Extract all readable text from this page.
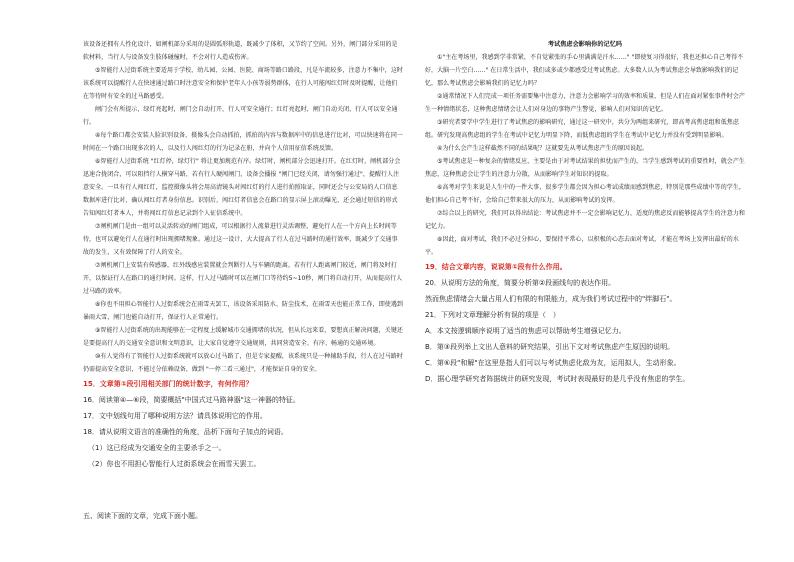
该设备还拥有人性化设计，如闸机部分采用的是圆弧形轨道，既减少了体积，又节约了空间。另外，闸门部分采用的是软材料，当行人与设备发生肢体碰撞时，不会对行人造成伤害。

⑤智能行人过街系统主要适用于学校、幼儿园、公园、医院、商场等路口路段，凡是车流较多，注意力不集中，这时该系统可以提醒行人在快速通过路口时注意安全和保护老年人小孩等弱势群体，在行人可能闯红灯时及时提醒，让他们在等待时有安全的过马路感受。

闸门会有所提示，绿灯亮起时，闸门会自动打开，行人可安全通行；红灯亮起时，闸门自动关闭，行人可以安全通行。

④每个路口都会安装人脸识别设备，摄像头会自动抓拍，抓拍的内容与数据库中的信息进行比对，可以快速将在同一时间在一个路口出现多次的人，以及行人闯红灯的行为记录在册，并向个人信用征信系统反馈。

⑥智能行人过街系统 "红灯停，绿灯行" 将让更加规范有序。绿灯时，闸机部分会迅速打开。在红灯时，闸机部分会迅速合拢闭合，可以阻挡行人横穿马路，若有行人硬闯闸门，设备会播报 "闸门已经关闭，请勿强行通过"，提醒行人注意安全。一旦有行人闯红灯，监控摄像头将会用高清镜头对闯红灯的行人进行拍照取证，同时还会与公安局的人口信息数据库进行比对，确认闯红灯者身份信息。识别后，闯红灯者信息会在路口的显示屏上滚动曝光，还会通过短信的形式告知闯红灯者本人，并将闯红灯信息记录到个人征信系统中。

⑦闸机闸门是由一组可以灵活转动的闸门组成，可以根据行人流量进行灵活调整，避免行人在一个方向上长时间等待，也可以避免行人在通行时出现拥堵现象。通过这一设计，大大提高了行人在过马路时的通行效率，既减少了交通事故的发生，又有效保障了行人的安全。

⑦闸机闸门上安装有传感器，红外线感应装置就会判断行人与车辆的距离，若有行人距离闸门较近，闸门将及时打开，以保证行人在路口的通行时间。这样，行人过马路时可以在闸门口等待约5~10秒，闸门将自动打开，从而提高行人过马路的效率。

⑧你也不用担心智能行人过街系统会在雨雪天罢工，该设备采用防水、防尘技术，在雨雪天也能正常工作，即使遇到暴雨大雪，闸门也能自动打开，保证行人正常通行。

⑨智能行人过街系统的出现能够在一定程度上缓解城市交通拥堵的状况，但从长远来看，要想真正解决问题，关键还是要提高行人的交通安全意识和文明意识，让大家自觉遵守交通规则，共同营造安全、有序、畅通的交通环境。

⑩有人觉得有了智能行人过街系统就可以放心过马路了，但是专家提醒，该系统只是一种辅助手段，行人在过马路时仍需提高安全意识，不能过分依赖设备，做到 "一停二看三通过"，才能保证自身的安全。

15．文章第①段引用相关部门的统计数字，有何作用？

16．阅读第④—⑥段，简要概括"中国式过马路神器"这一神器的特征。

17．文中划线句用了哪种说明方法？请具体说明它的作用。

18．请从说明文语言的准确性的角度，品析下面句子加点的词语。

（1）这已经成为交通安全的主要杀手之一。

（2）你也不用担心智能行人过街系统会在雨雪天罢工。

五、阅读下面的文章，完成下面小题。

考试焦虑会影响你的记忆吗

①"主在考场里，我感到学非常紧，不自觉紧张的手心里满满是汗水……" "即使复习得很好，我也还担心自己考得不好，大脑一片空白……" 在日常生活中，我们或多或少都感受过考试焦虑。大多数人认为考试焦虑会导致影响我们的记忆，那么考试焦虑会影响我们的记忆力吗？

②通常情况下人们完成一项任务需要集中注意力，注意力会影响学习的效率和质量，但是人们在面对紧张事件时会产生一种情绪状态，这种焦虑情绪会让人们对身边的事物产生警觉，影响人们对知识的记忆。

③研究者要学中学生进行了考试焦虑的影响研究，通过这一研究中，共分为两组来研究，即高考高焦虑组和低焦虑组。研究发现高焦虑组的学生在考试中记忆力明显下降，而低焦虑组的学生在考试中记忆力并没有受到明显影响。

④为什么会产生这样截然不同的结果呢？这就要先从考试焦虑产生的原因说起。

⑤考试焦虑是一种复杂的情绪反应，主要是由于对考试结果的担忧而产生的，当学生感到考试的重要性时，就会产生焦虑，这种焦虑会让学生的注意力分散，从而影响学生对知识的提取。

⑥高考对学生来说是人生中的一件大事，很多学生都会因为担心考试成绩而感到焦虑，特别是那些成绩中等的学生，他们担心自己考不好，会给自己带来很大的压力，从而影响考试的发挥。

⑦综合以上的研究，我们可以得出结论：考试焦虑并不一定会影响记忆力，适度的焦虑反而能够提高学生的注意力和记忆力。

⑧因此，面对考试，我们不必过分担心，要保持平常心，以积极的心态去面对考试，才能在考场上发挥出最好的水平。

19．结合文章内容，说说第①段有什么作用。

20．从说明方法的角度，简要分析第②段画线句的表达作用。

然而焦虑情绪会大量占用人们有限的有限能力，成为我们考试过程中的"绊脚石"。

21．下列对文章理解分析有误的项是（　）

A．本文按逻辑顺序说明了适当的焦虑可以帮助考生增强记忆力。

B．第③段列举上文出人意料的研究结果，引出下文对考试焦虑产生原因的说明。

C．第⑥段"和解"在这里是指人们可以与考试焦虑化敌为友，运用拟人，生动形象。

D．据心理学研究者阵据统计的研究发现，考试时表现最好的是几乎没有焦虑的学生。
